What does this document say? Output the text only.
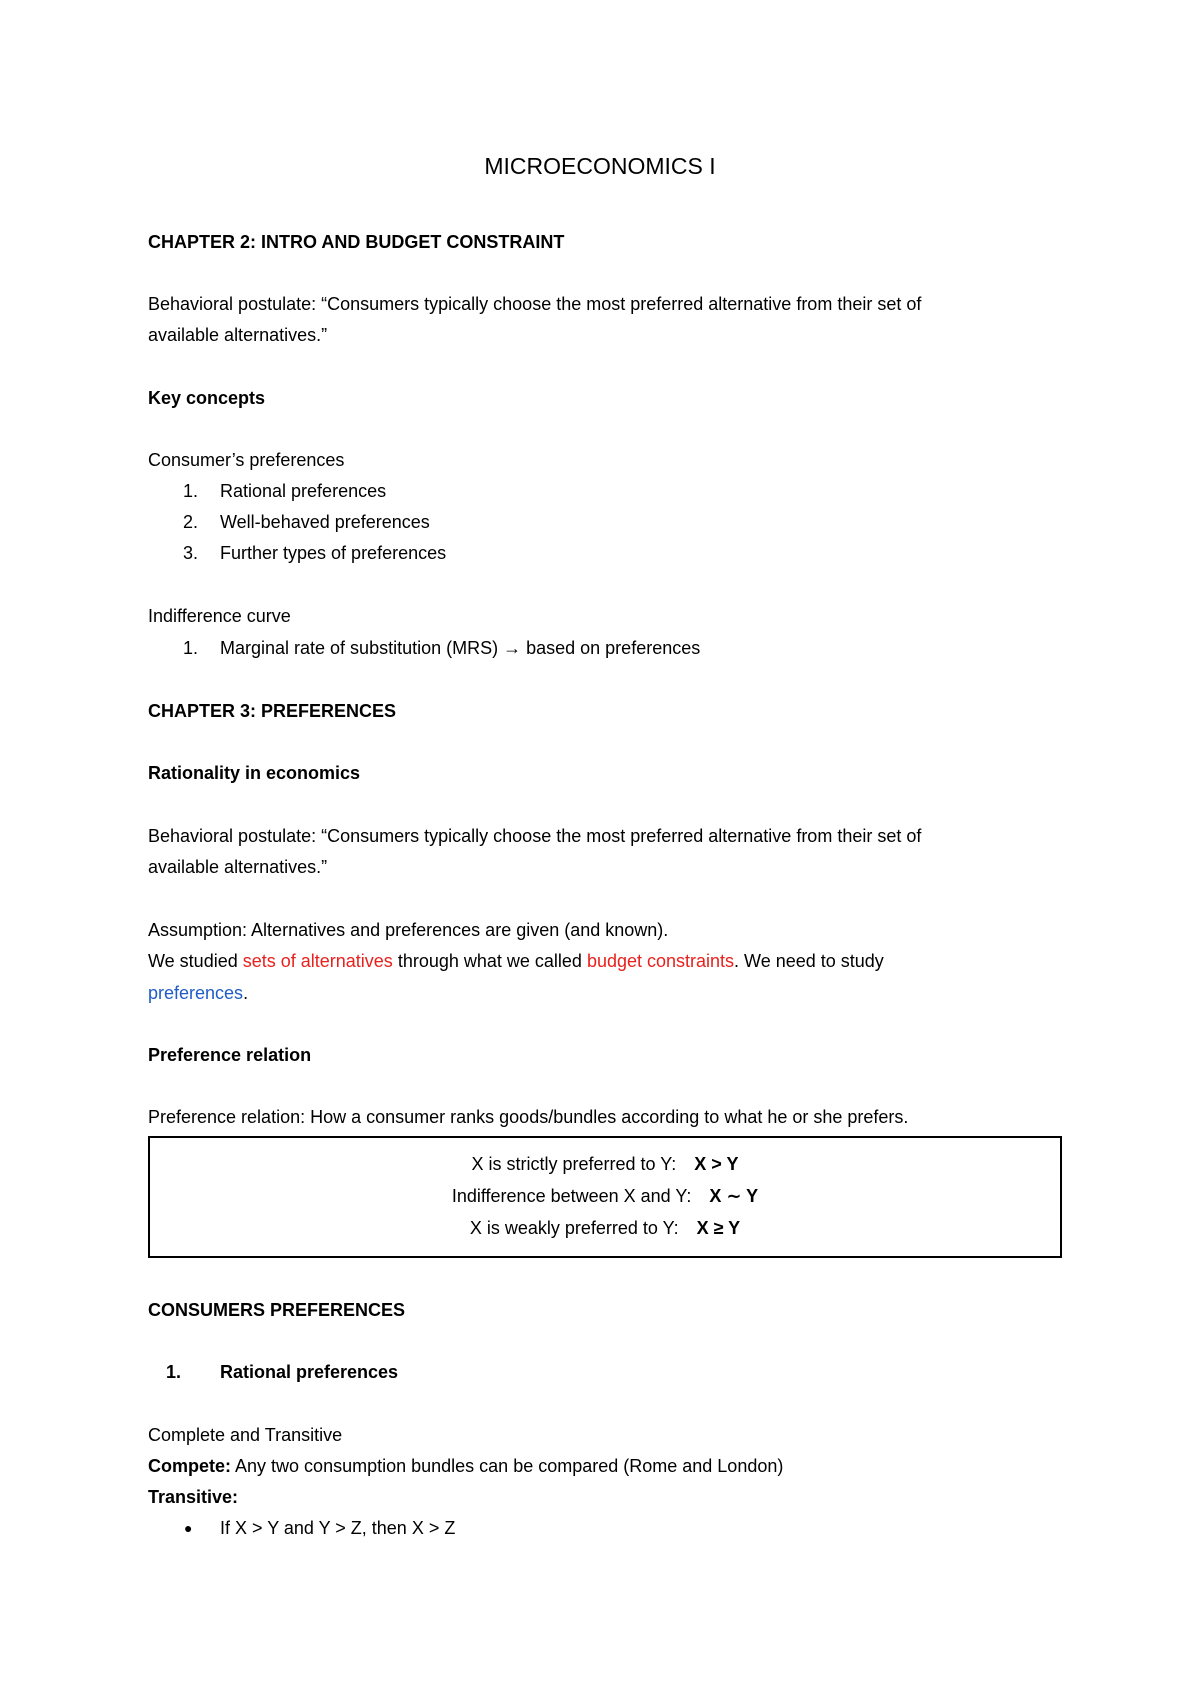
MICROECONOMICS I
CHAPTER 2: INTRO AND BUDGET CONSTRAINT
Behavioral postulate: “Consumers typically choose the most preferred alternative from their set of
available alternatives.”
Key concepts
Consumer’s preferences
1. Rational preferences
2. Well-behaved preferences
3. Further types of preferences
Indifference curve
1. Marginal rate of substitution (MRS) → based on preferences
CHAPTER 3: PREFERENCES
Rationality in economics
Behavioral postulate: “Consumers typically choose the most preferred alternative from their set of
available alternatives.”
Assumption: Alternatives and preferences are given (and known).
We studied sets of alternatives through what we called budget constraints. We need to study
preferences.
Preference relation
Preference relation: How a consumer ranks goods/bundles according to what he or she prefers.
X is strictly preferred to Y: X > Y
Indifference between X and Y: X ∼ Y
X is weakly preferred to Y: X ≥ Y
CONSUMERS PREFERENCES
1. Rational preferences
Complete and Transitive
Compete: Any two consumption bundles can be compared (Rome and London)
Transitive:
● If X > Y and Y > Z, then X > Z
